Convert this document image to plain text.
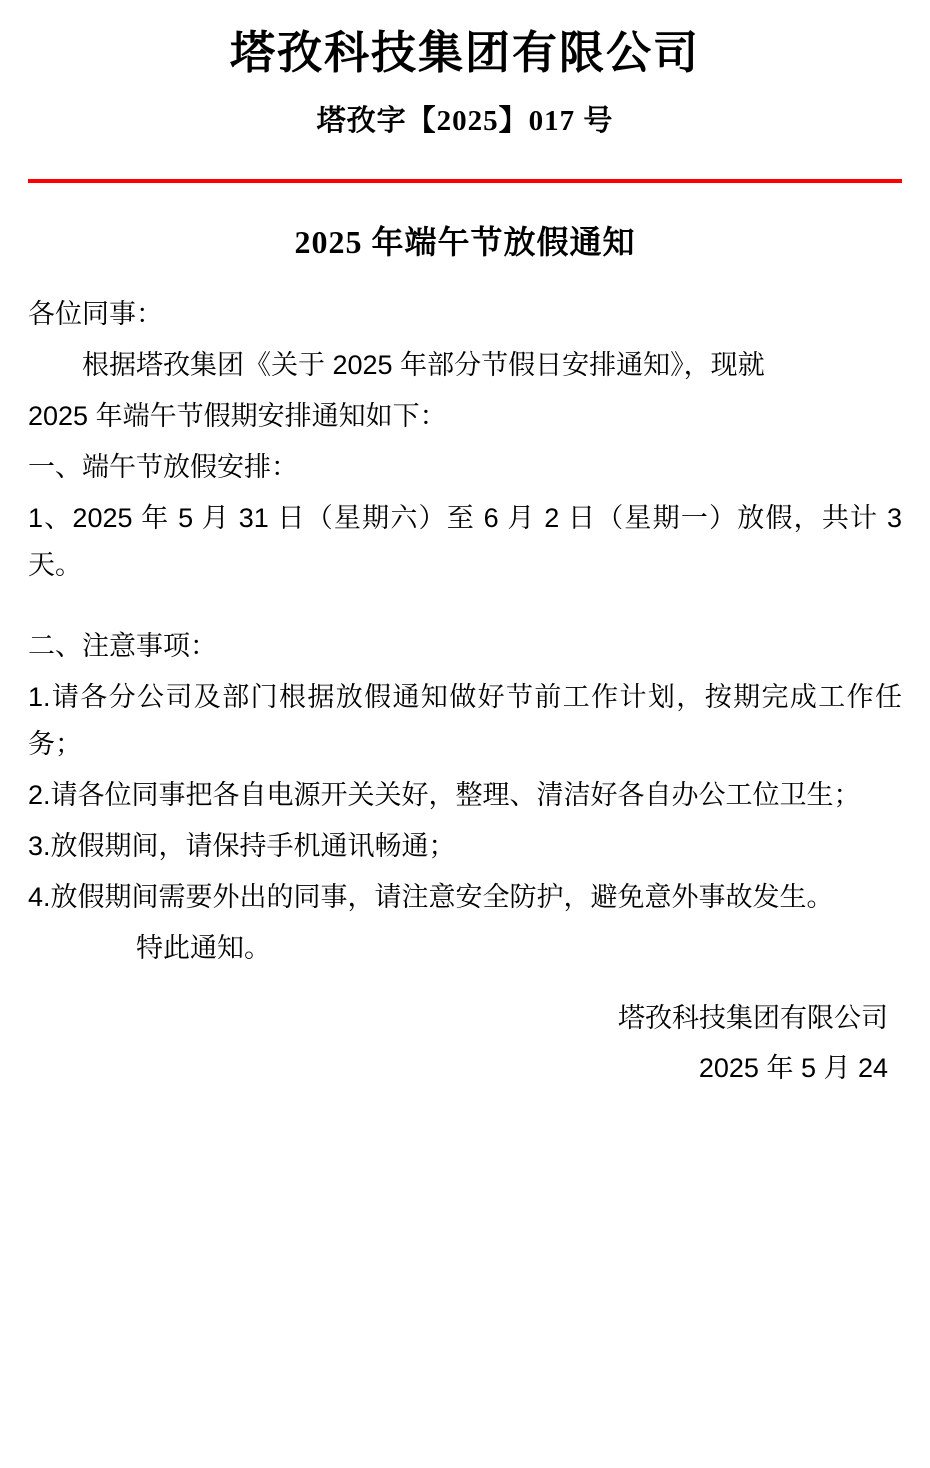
塔孜科技集团有限公司
塔孜字【2025】017 号
2025 年端午节放假通知

各位同事：

根据塔孜集团《关于 2025 年部分节假日安排通知》，现就

2025 年端午节假期安排通知如下：

一、端午节放假安排：

1、2025 年 5 月 31 日（星期六）至 6 月 2 日（星期一）放假，共计 3 天。

二、注意事项：

1.请各分公司及部门根据放假通知做好节前工作计划，按期完成工作任务；

2.请各位同事把各自电源开关关好，整理、清洁好各自办公工位卫生；

3.放假期间，请保持手机通讯畅通；

4.放假期间需要外出的同事，请注意安全防护，避免意外事故发生。

特此通知。

塔孜科技集团有限公司
2025 年 5 月 24
